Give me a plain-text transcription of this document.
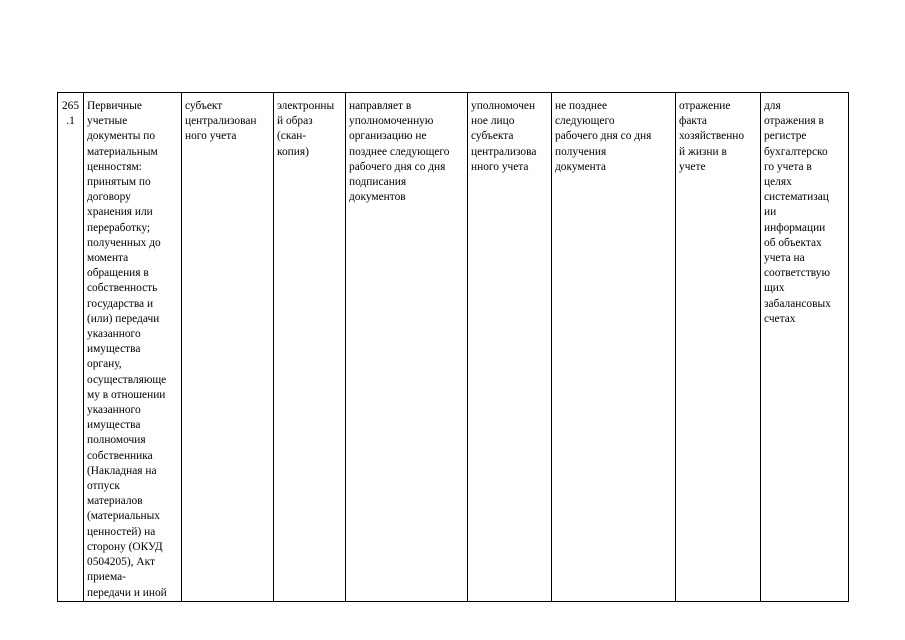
265
.1

Первичные
учетные
документы по
материальным
ценностям:
принятым по
договору
хранения или
переработку;
полученных до
момента
обращения в
собственность
государства и
(или) передачи
указанного
имущества
органу,
осуществляюще
му в отношении
указанного
имущества
полномочия
собственника
(Накладная на
отпуск
материалов
(материальных
ценностей) на
сторону (ОКУД
0504205), Акт
приема-
передачи и иной

субъект
централизован
ного учета

электронны
й образ
(скан-
копия)

направляет в
уполномоченную
организацию не
позднее следующего
рабочего дня со дня
подписания
документов

уполномочен
ное лицо
субъекта
централизова
нного учета

не позднее
следующего
рабочего дня со дня
получения
документа

отражение
факта
хозяйственно
й жизни в
учете

для
отражения в
регистре
бухгалтерско
го учета в
целях
систематизац
ии
информации
об объектах
учета на
соответствую
щих
забалансовых
счетах
